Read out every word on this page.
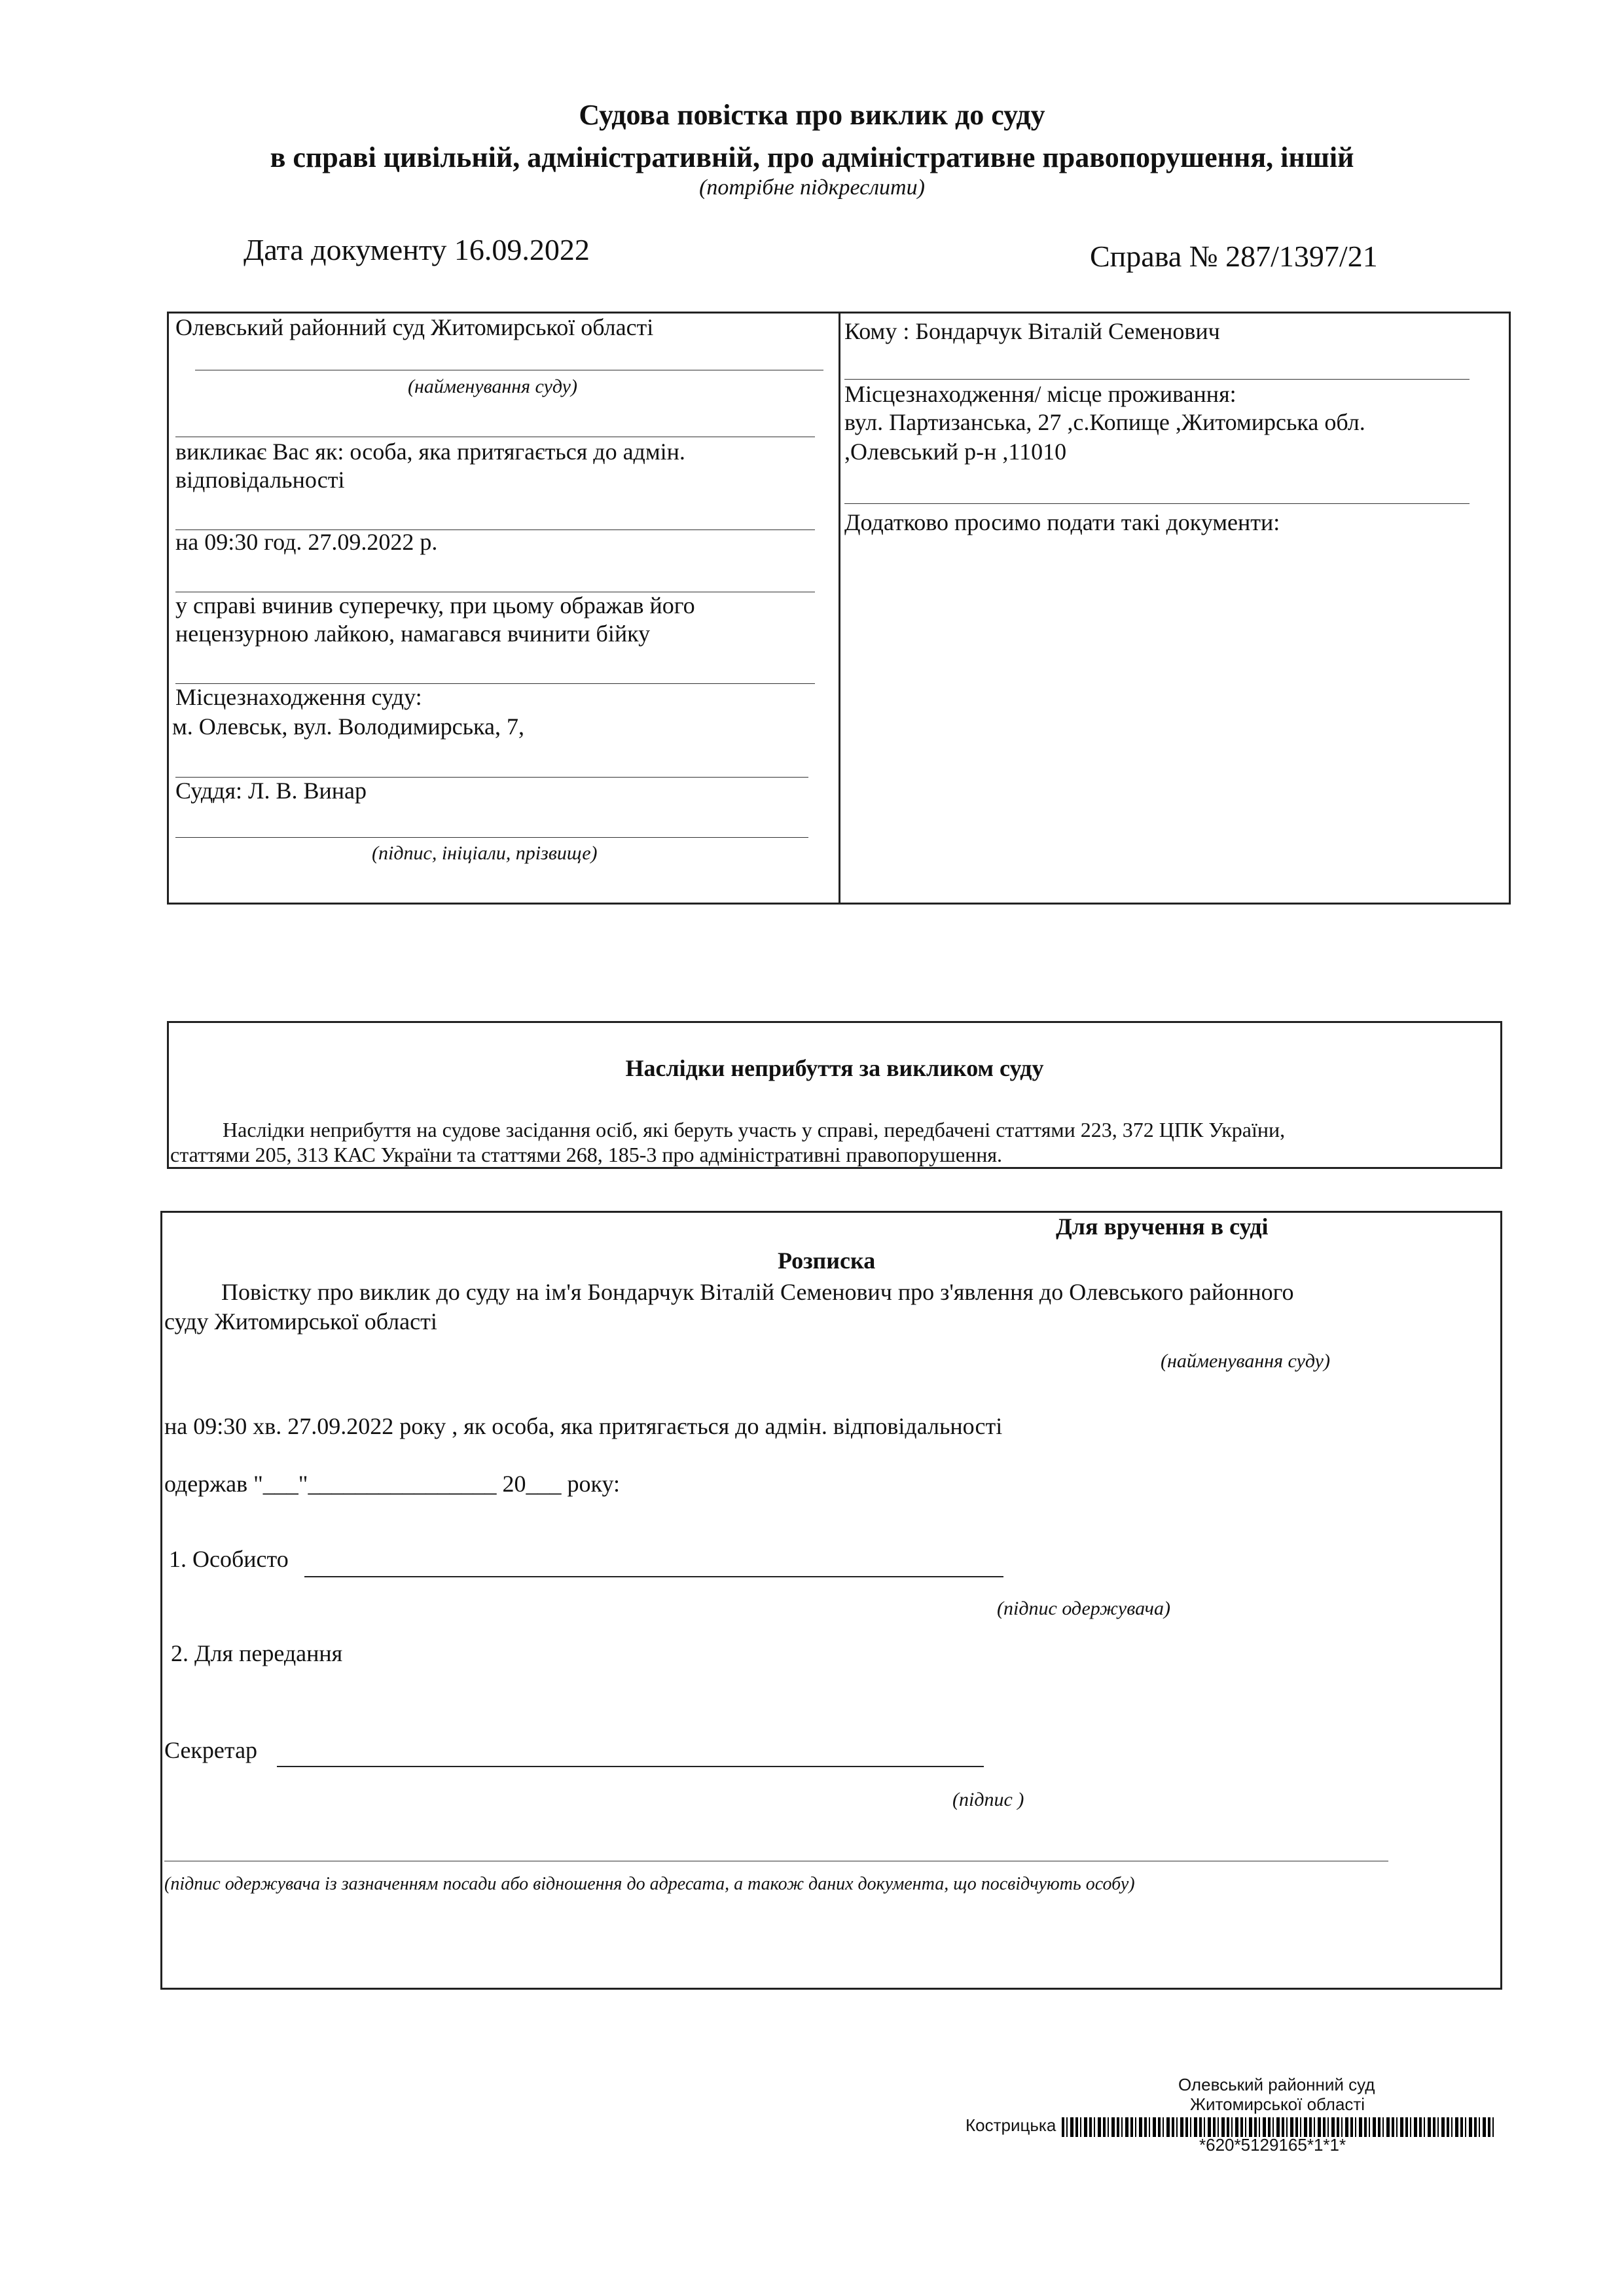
Судова повістка про виклик до суду
в справі цивільній, адміністративній, про адміністративне правопорушення, іншій
(потрібне підкреслити)
Дата документу 16.09.2022	Справа № 287/1397/21
Олевський районний суд Житомирської області
(найменування суду)
викликає Вас як: особа, яка притягається до адмін.
відповідальності
на 09:30 год. 27.09.2022 р.
у справі вчинив суперечку, при цьому ображав його
нецензурною лайкою, намагався вчинити бійку
Місцезнаходження суду:
м. Олевськ, вул. Володимирська, 7,
Суддя: Л. В. Винар
(підпис, ініціали, прізвище)
Кому : Бондарчук Віталій Семенович
Місцезнаходження/ місце проживання:
вул. Партизанська, 27 ,с.Копище ,Житомирська обл.
,Олевський р-н ,11010
Додатково просимо подати такі документи:
Наслідки неприбуття за викликом суду
Наслідки неприбуття на судове засідання осіб, які беруть участь у справі, передбачені статтями 223, 372 ЦПК України,
статтями 205, 313 КАС України та статтями 268, 185-3 про адміністративні правопорушення.
Для вручення в суді
Розписка
Повістку про виклик до суду на ім'я Бондарчук Віталій Семенович про з'явлення до Олевського районного
суду Житомирської області
(найменування суду)
на 09:30 хв. 27.09.2022 року , як особа, яка притягається до адмін. відповідальності
одержав "___"________________ 20___ року:
1. Особисто
(підпис одержувача)
2. Для передання
Секретар
(підпис )
(підпис одержувача із зазначенням посади або відношення до адресата, а також даних документа, що посвідчують особу)
Олевський районний суд
Житомирської області
Кострицька
*620*5129165*1*1*
